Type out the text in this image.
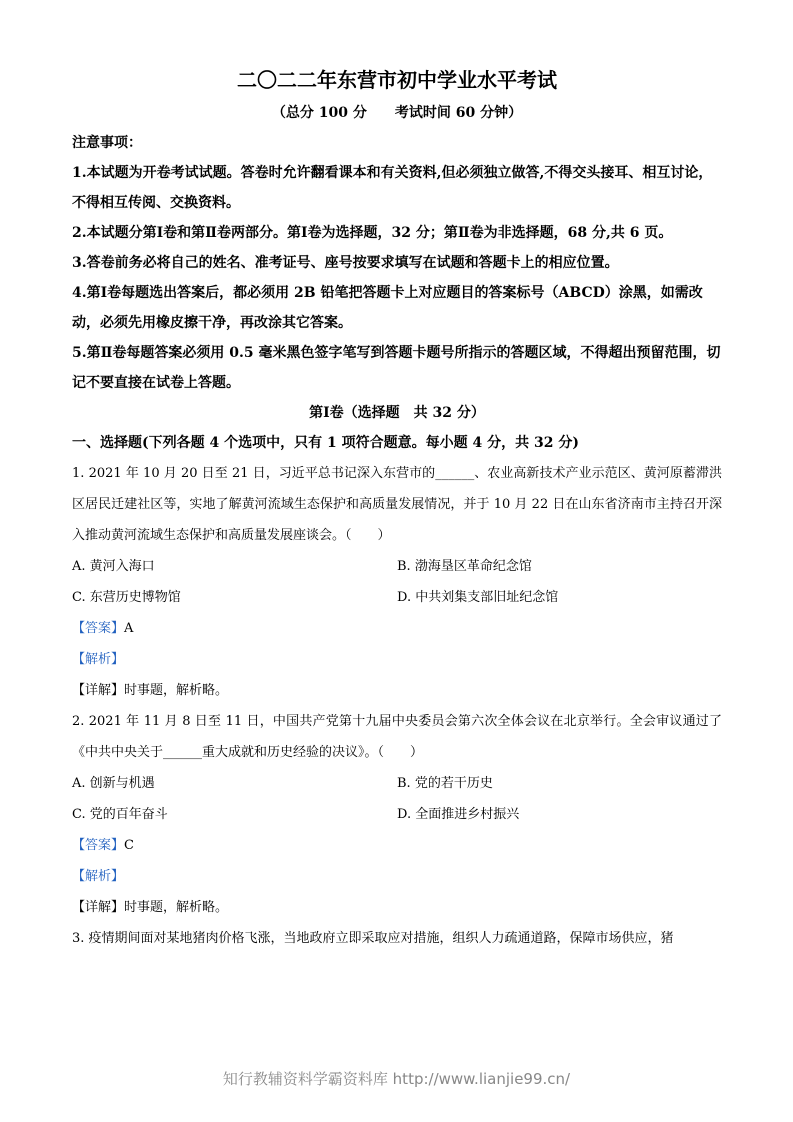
二〇二二年东营市初中学业水平考试
（总分 100 分　　考试时间 60 分钟）
注意事项：

1.本试题为开卷考试试题。答卷时允许翻看课本和有关资料,但必须独立做答,不得交头接耳、相互讨论，不得相互传阅、交换资料。

2.本试题分第Ⅰ卷和第Ⅱ卷两部分。第Ⅰ卷为选择题，32 分；第Ⅱ卷为非选择题，68 分,共 6 页。

3.答卷前务必将自己的姓名、准考证号、座号按要求填写在试题和答题卡上的相应位置。

4.第Ⅰ卷每题选出答案后，都必须用 2B 铅笔把答题卡上对应题目的答案标号（ABCD）涂黑，如需改动，必须先用橡皮擦干净，再改涂其它答案。

5.第Ⅱ卷每题答案必须用 0.5 毫米黑色签字笔写到答题卡题号所指示的答题区域，不得超出预留范围，切记不要直接在试卷上答题。

第Ⅰ卷（选择题　共 32 分）
一、选择题(下列各题 4 个选项中，只有 1 项符合题意。每小题 4 分，共 32 分)

1. 2021 年 10 月 20 日至 21 日，习近平总书记深入东营市的______、农业高新技术产业示范区、黄河原蓄滞洪区居民迁建社区等，实地了解黄河流域生态保护和高质量发展情况，并于 10 月 22 日在山东省济南市主持召开深入推动黄河流域生态保护和高质量发展座谈会。（　　）

A. 黄河入海口	B. 渤海垦区革命纪念馆
C. 东营历史博物馆	D. 中共刘集支部旧址纪念馆
【答案】A
【解析】
【详解】时事题，解析略。

2. 2021 年 11 月 8 日至 11 日，中国共产党第十九届中央委员会第六次全体会议在北京举行。全会审议通过了《中共中央关于______重大成就和历史经验的决议》。（　　）

A. 创新与机遇	B. 党的若干历史
C. 党的百年奋斗	D. 全面推进乡村振兴
【答案】C
【解析】
【详解】时事题，解析略。

3. 疫情期间面对某地猪肉价格飞涨，当地政府立即采取应对措施，组织人力疏通道路，保障市场供应，猪

知行教辅资料学霸资料库 http://www.lianjie99.cn/
